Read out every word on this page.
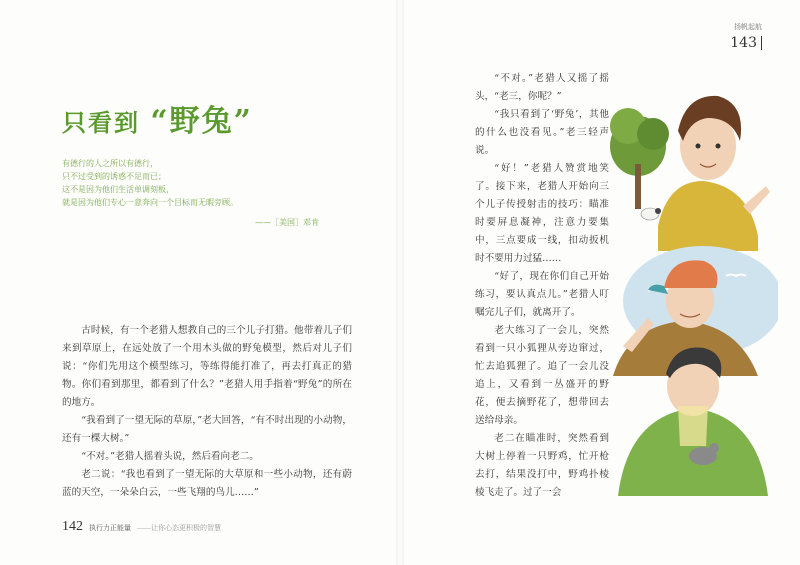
只看到 “野兔”
有德行的人之所以有德行，
只不过受到的诱惑不足而已；
这不是因为他们生活单调刻板，
就是因为他们专心一意奔向一个目标而无暇旁顾。
——［美国］邓肯

古时候，有一个老猎人想教自己的三个儿子打猎。他带着儿子们来到草原上，在远处放了一个用木头做的野兔模型，然后对儿子们说：“你们先用这个模型练习，等练得能打准了，再去打真正的猎物。你们看到那里，都看到了什么？”老猎人用手指着“野兔”的所在的地方。

“我看到了一望无际的草原，”老大回答，“有不时出现的小动物，还有一棵大树。”

“不对。”老猎人摇着头说，然后看向老二。

老二说：“我也看到了一望无际的大草原和一些小动物，还有蔚蓝的天空，一朵朵白云，一些飞翔的鸟儿……”

142 执行力正能量 ——让你心态更积极的智慧
扬帆起航
143

“不对。”老猎人又摇了摇头，“老三，你呢？”

“我只看到了‘野兔’，其他的什么也没看见。”老三轻声说。

“好！”老猎人赞赏地笑了。接下来，老猎人开始向三个儿子传授射击的技巧：瞄准时要屏息凝神，注意力要集中，三点要成一线，扣动扳机时不要用力过猛……

“好了，现在你们自己开始练习，要认真点儿。”老猎人叮嘱完儿子们，就离开了。

老大练习了一会儿，突然看到一只小狐狸从旁边窜过，忙去追狐狸了。追了一会儿没追上，又看到一丛盛开的野花，便去摘野花了，想带回去送给母亲。

老二在瞄准时，突然看到大树上停着一只野鸡，忙开枪去打，结果没打中，野鸡扑棱棱飞走了。过了一会
